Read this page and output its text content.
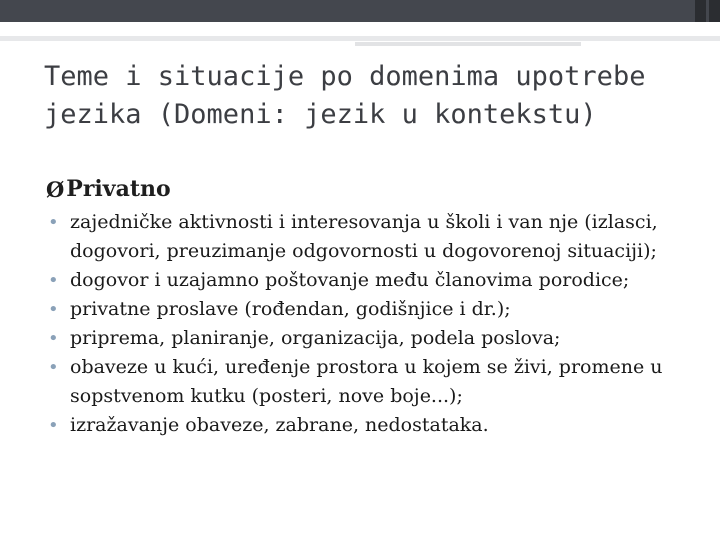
Teme i situacije po domenima upotrebe jezika (Domeni: jezik u kontekstu)
Ø Privatno
• zajedničke aktivnosti i interesovanja u školi i van nje (izlasci, dogovori, preuzimanje odgovornosti u dogovorenoj situaciji);
• dogovor i uzajamno poštovanje među članovima porodice;
• privatne proslave (rođendan, godišnjice i dr.);
• priprema, planiranje, organizacija, podela poslova;
• obaveze u kući, uređenje prostora u kojem se živi, promene u sopstvenom kutku (posteri, nove boje...);
• izražavanje obaveze, zabrane, nedostataka.
